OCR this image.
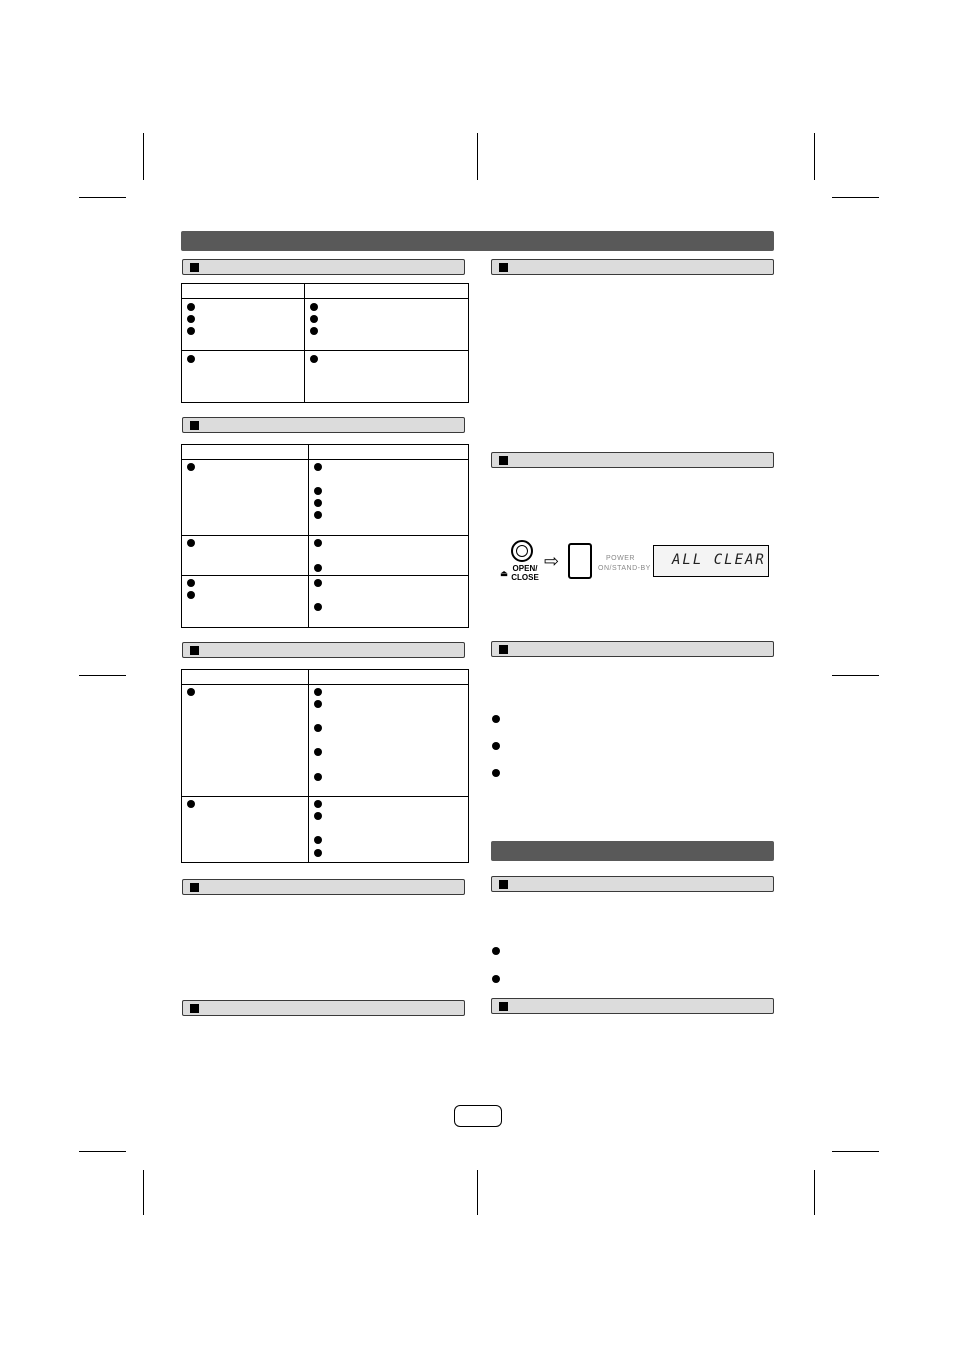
⏏
OPEN/ CLOSE
⇨	POWER
ON/STAND-BY
ALL CLEAR
